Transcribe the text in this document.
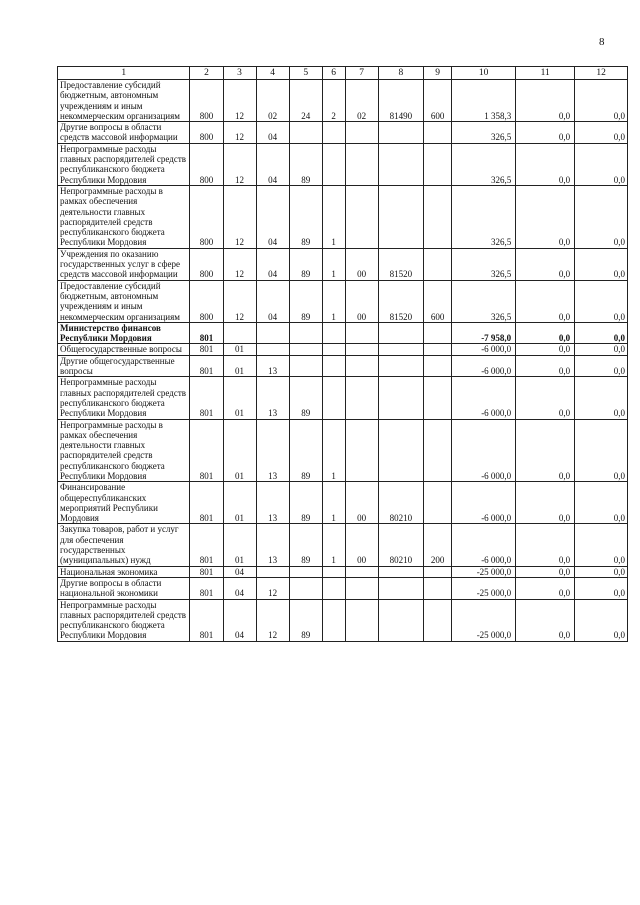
8
1	2	3	4	5	6	7	8	9	10	11	12
Предоставление субсидий бюджетным, автономным учреждениям и иным некоммерческим организациям	800	12	02	24	2	02	81490	600	1 358,3	0,0	0,0
Другие вопросы в области средств массовой информации	800	12	04						326,5	0,0	0,0
Непрограммные расходы главных распорядителей средств республиканского бюджета Республики Мордовия	800	12	04	89					326,5	0,0	0,0
Непрограммные расходы в рамках обеспечения деятельности главных распорядителей средств республиканского бюджета Республики Мордовия	800	12	04	89	1				326,5	0,0	0,0
Учреждения по оказанию государственных услуг в сфере средств массовой информации	800	12	04	89	1	00	81520		326,5	0,0	0,0
Предоставление субсидий бюджетным, автономным учреждениям и иным некоммерческим организациям	800	12	04	89	1	00	81520	600	326,5	0,0	0,0
Министерство финансов Республики Мордовия	801								-7 958,0	0,0	0,0
Общегосударственные вопросы	801	01							-6 000,0	0,0	0,0
Другие общегосударственные вопросы	801	01	13						-6 000,0	0,0	0,0
Непрограммные расходы главных распорядителей средств республиканского бюджета Республики Мордовия	801	01	13	89					-6 000,0	0,0	0,0
Непрограммные расходы в рамках обеспечения деятельности главных распорядителей средств республиканского бюджета Республики Мордовия	801	01	13	89	1				-6 000,0	0,0	0,0
Финансирование общереспубликанских мероприятий Республики Мордовия	801	01	13	89	1	00	80210		-6 000,0	0,0	0,0
Закупка товаров, работ и услуг для обеспечения государственных (муниципальных) нужд	801	01	13	89	1	00	80210	200	-6 000,0	0,0	0,0
Национальная экономика	801	04							-25 000,0	0,0	0,0
Другие вопросы в области национальной экономики	801	04	12						-25 000,0	0,0	0,0
Непрограммные расходы главных распорядителей средств республиканского бюджета Республики Мордовия	801	04	12	89					-25 000,0	0,0	0,0
